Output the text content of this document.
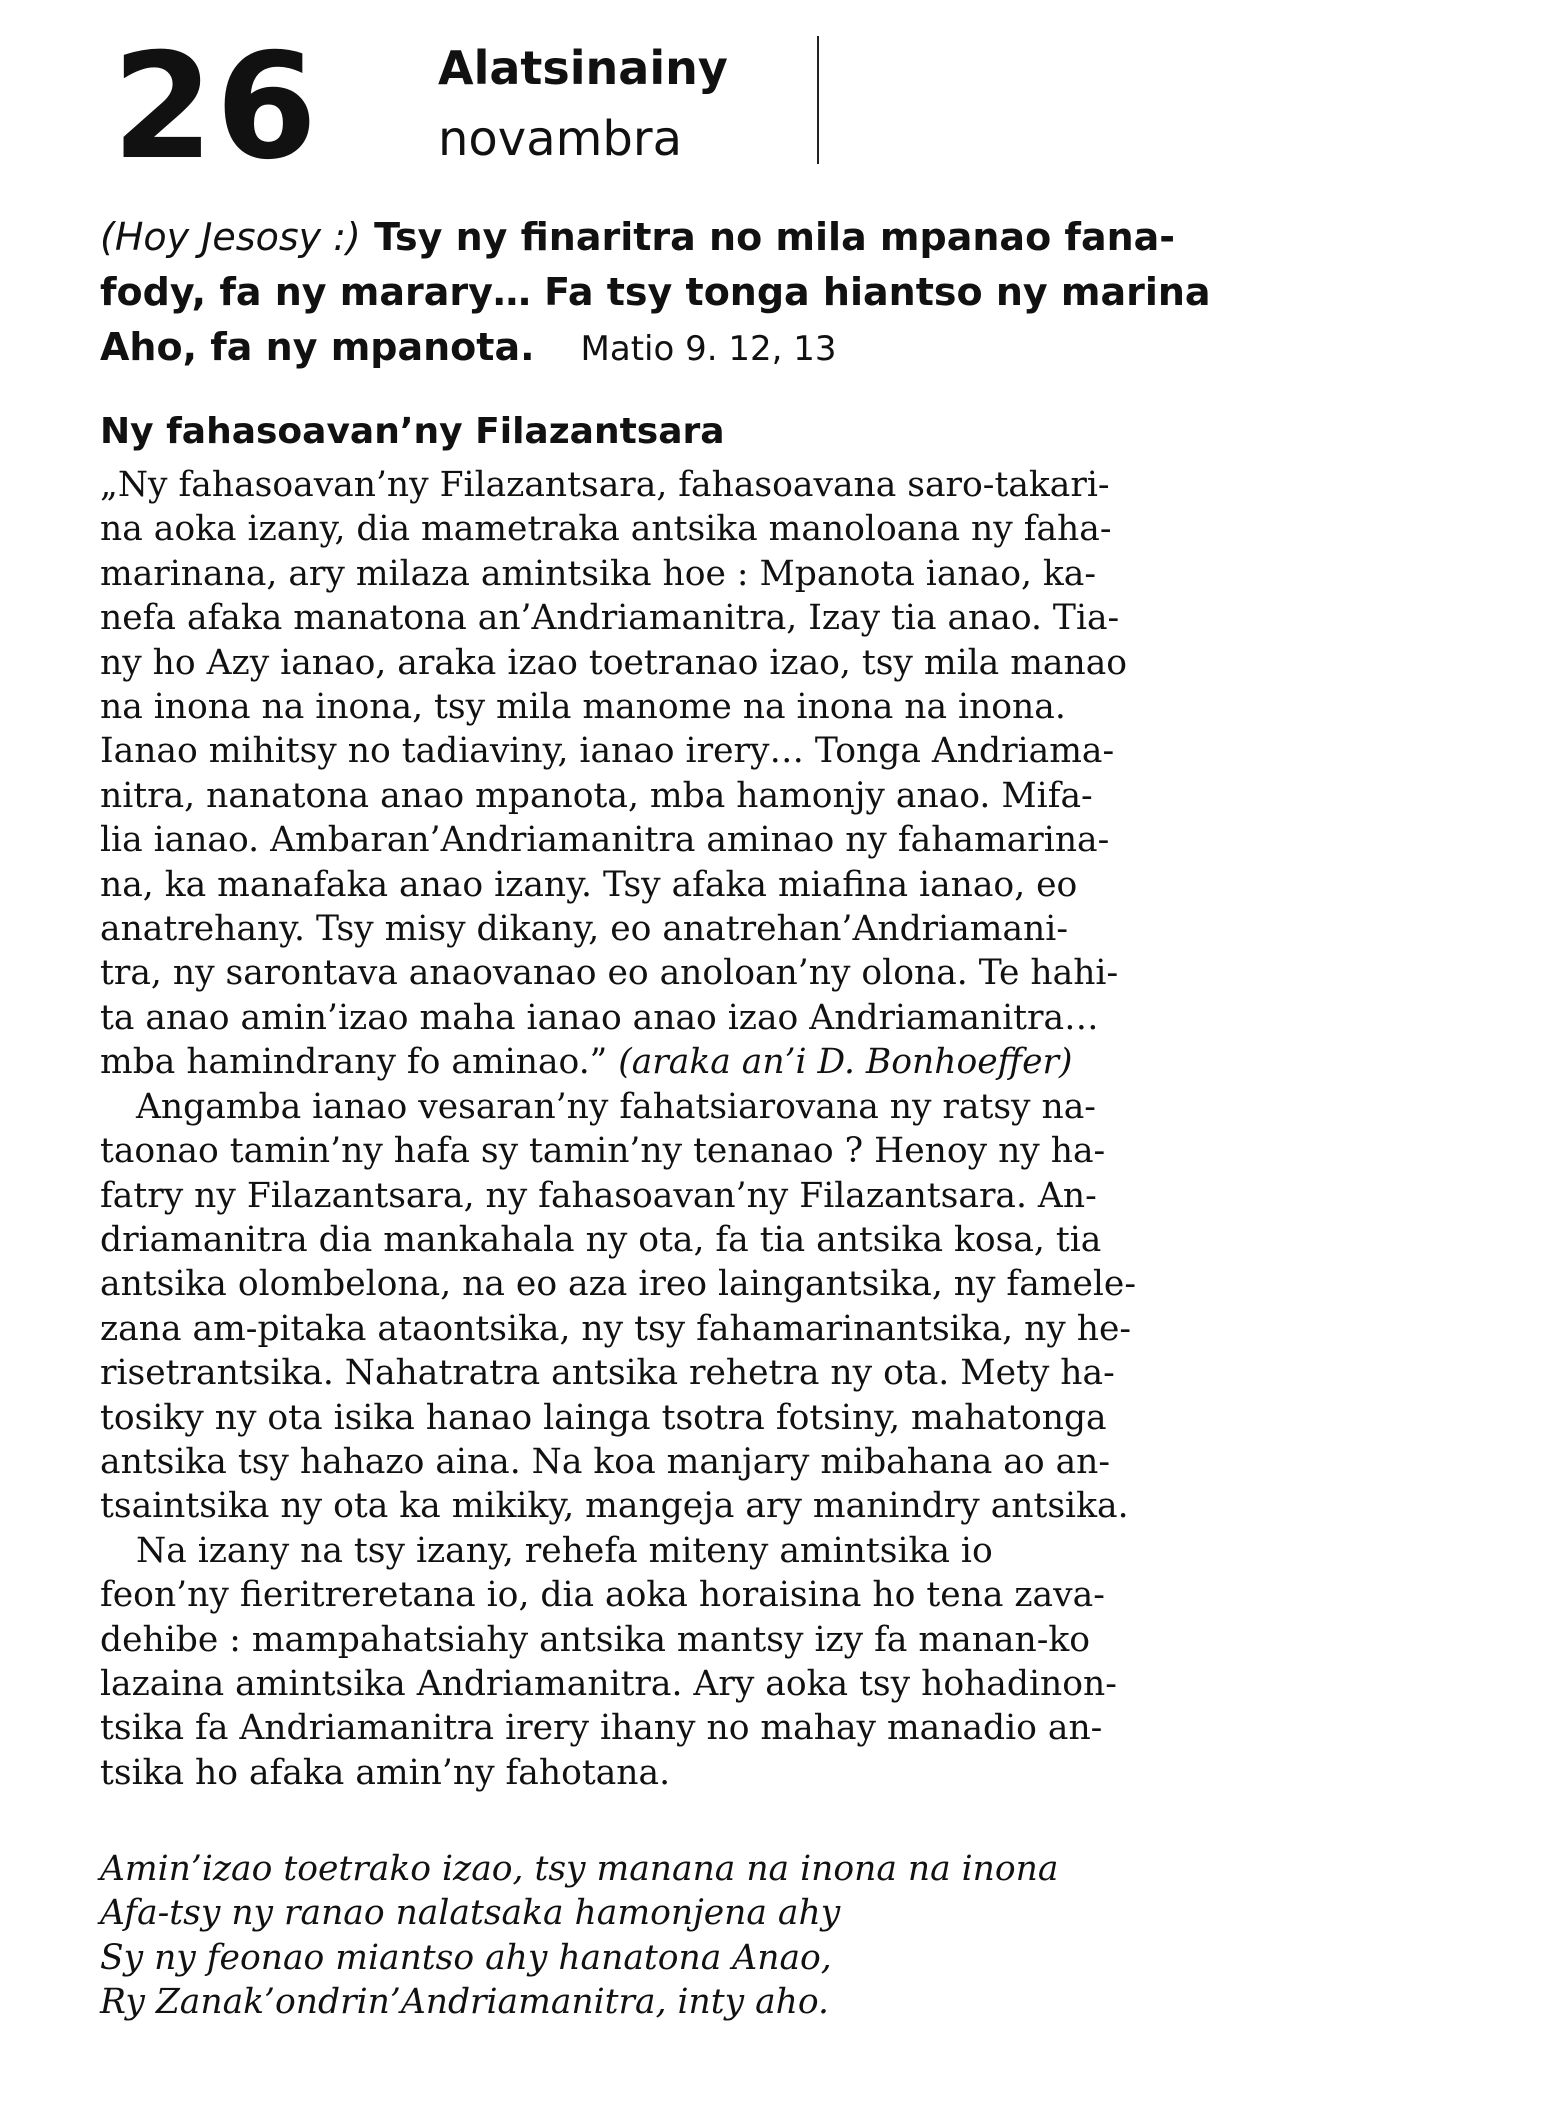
26	Alatsinainy
novambra
(Hoy Jesosy :) Tsy ny finaritra no mila mpanao fana-
fody, fa ny marary… Fa tsy tonga hiantso ny marina
Aho, fa ny mpanota. Matio 9. 12, 13
Ny fahasoavan’ny Filazantsara
„Ny fahasoavan’ny Filazantsara, fahasoavana saro-takari-
na aoka izany, dia mametraka antsika manoloana ny faha-
marinana, ary milaza amintsika hoe : Mpanota ianao, ka-
nefa afaka manatona an’Andriamanitra, Izay tia anao. Tia-
ny ho Azy ianao, araka izao toetranao izao, tsy mila manao
na inona na inona, tsy mila manome na inona na inona.
Ianao mihitsy no tadiaviny, ianao irery… Tonga Andriama-
nitra, nanatona anao mpanota, mba hamonjy anao. Mifa-
lia ianao. Ambaran’Andriamanitra aminao ny fahamarina-
na, ka manafaka anao izany. Tsy afaka miafina ianao, eo
anatrehany. Tsy misy dikany, eo anatrehan’Andriamani-
tra, ny sarontava anaovanao eo anoloan’ny olona. Te hahi-
ta anao amin’izao maha ianao anao izao Andriamanitra…
mba hamindrany fo aminao.” (araka an’i D. Bonhoeffer)
Angamba ianao vesaran’ny fahatsiarovana ny ratsy na-
taonao tamin’ny hafa sy tamin’ny tenanao ? Henoy ny ha-
fatry ny Filazantsara, ny fahasoavan’ny Filazantsara. An-
driamanitra dia mankahala ny ota, fa tia antsika kosa, tia
antsika olombelona, na eo aza ireo laingantsika, ny famele-
zana am-pitaka ataontsika, ny tsy fahamarinantsika, ny he-
risetrantsika. Nahatratra antsika rehetra ny ota. Mety ha-
tosiky ny ota isika hanao lainga tsotra fotsiny, mahatonga
antsika tsy hahazo aina. Na koa manjary mibahana ao an-
tsaintsika ny ota ka mikiky, mangeja ary manindry antsika.
Na izany na tsy izany, rehefa miteny amintsika io
feon’ny fieritreretana io, dia aoka horaisina ho tena zava-
dehibe : mampahatsiahy antsika mantsy izy fa manan-ko
lazaina amintsika Andriamanitra. Ary aoka tsy hohadinon-
tsika fa Andriamanitra irery ihany no mahay manadio an-
tsika ho afaka amin’ny fahotana.
Amin’izao toetrako izao, tsy manana na inona na inona
Afa-tsy ny ranao nalatsaka hamonjena ahy
Sy ny feonao miantso ahy hanatona Anao,
Ry Zanak’ondrin’Andriamanitra, inty aho.
